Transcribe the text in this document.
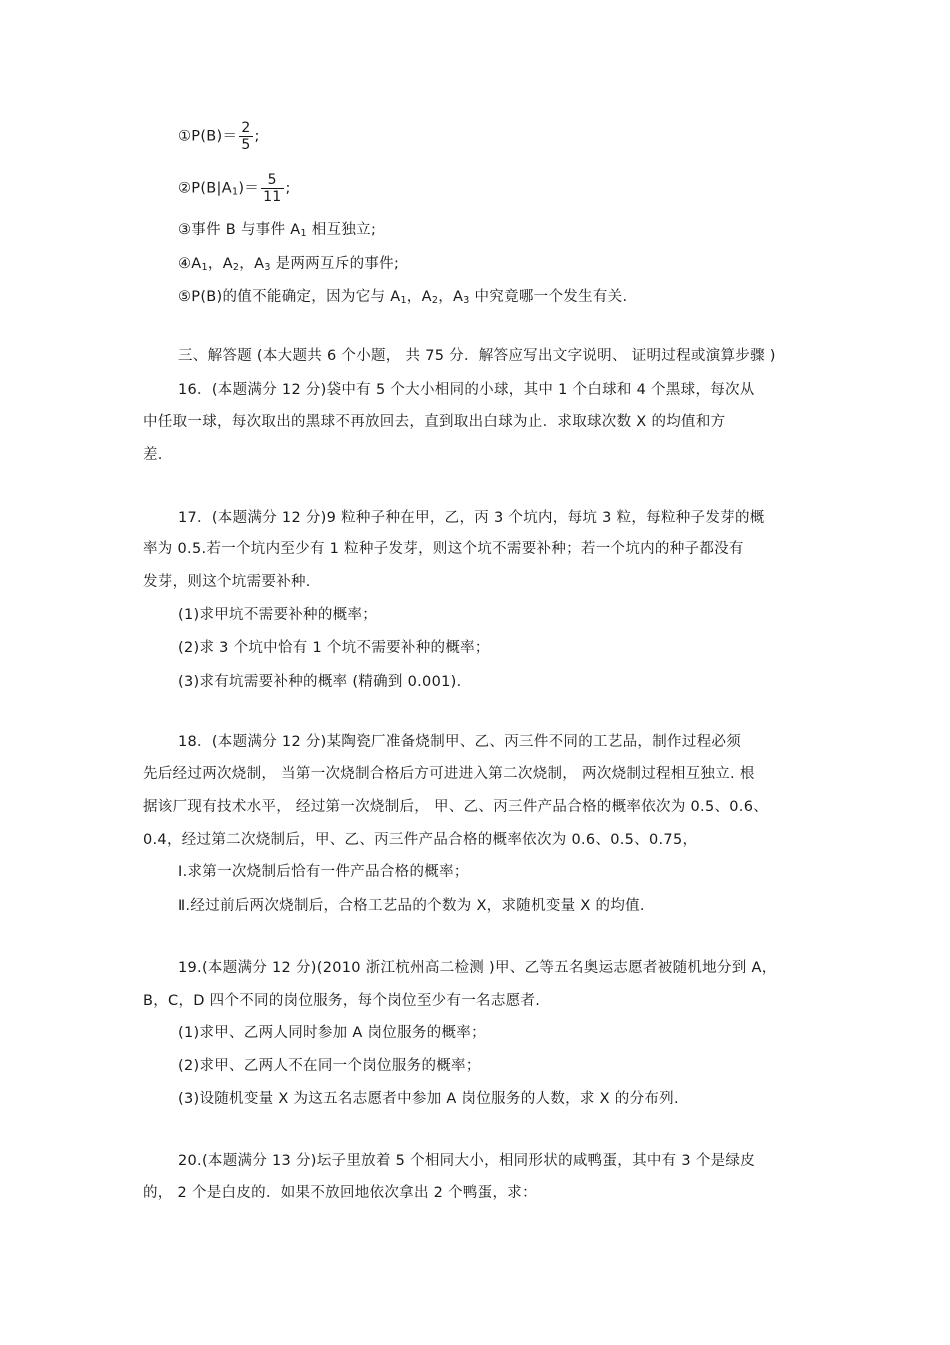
①P(B)＝ $\frac{2}{5}$ ;
$②P(B|A_1)= \frac{5}{11}$ ;
③事件 B 与事件 $A_1$ 相互独立;
$④A_1$，$A_2$，$A_3$ 是两两互斥的事件;
⑤P(B)的值不能确定，因为它与 $A_1$，$A_2$，$A_3$ 中究竟哪一个发生有关.
三、解答题 (本大题共 6 个小题， 共 75 分．解答应写出文字说明、 证明过程或演算步骤 )
16．(本题满分 12 分)袋中有 5 个大小相同的小球，其中 1 个白球和 4 个黑球，每次从
中任取一球，每次取出的黑球不再放回去，直到取出白球为止．求取球次数 X 的均值和方
差.
17．(本题满分 12 分)9 粒种子种在甲，乙，丙 3 个坑内，每坑 3 粒，每粒种子发芽的概
率为 0.5.若一个坑内至少有 1 粒种子发芽，则这个坑不需要补种；若一个坑内的种子都没有
发芽，则这个坑需要补种.
(1)求甲坑不需要补种的概率；
(2)求 3 个坑中恰有 1 个坑不需要补种的概率；
(3)求有坑需要补种的概率 (精确到 0.001)．
18．(本题满分 12 分)某陶瓷厂准备烧制甲、乙、丙三件不同的工艺品，制作过程必须
先后经过两次烧制， 当第一次烧制合格后方可进进入第二次烧制， 两次烧制过程相互独立. 根
据该厂现有技术水平， 经过第一次烧制后， 甲、乙、丙三件产品合格的概率依次为 0.5、0.6、
0.4，经过第二次烧制后，甲、乙、丙三件产品合格的概率依次为 0.6、0.5、0.75，
Ⅰ.求第一次烧制后恰有一件产品合格的概率；
Ⅱ.经过前后两次烧制后，合格工艺品的个数为 X，求随机变量 X 的均值.
19.(本题满分 12 分)(2010 浙江杭州高二检测 )甲、乙等五名奥运志愿者被随机地分到 A，
B，C，D 四个不同的岗位服务，每个岗位至少有一名志愿者.
(1)求甲、乙两人同时参加 A 岗位服务的概率；
(2)求甲、乙两人不在同一个岗位服务的概率；
(3)设随机变量 X 为这五名志愿者中参加 A 岗位服务的人数，求 X 的分布列.
20.(本题满分 13 分)坛子里放着 5 个相同大小，相同形状的咸鸭蛋，其中有 3 个是绿皮
的， 2 个是白皮的．如果不放回地依次拿出 2 个鸭蛋，求：
